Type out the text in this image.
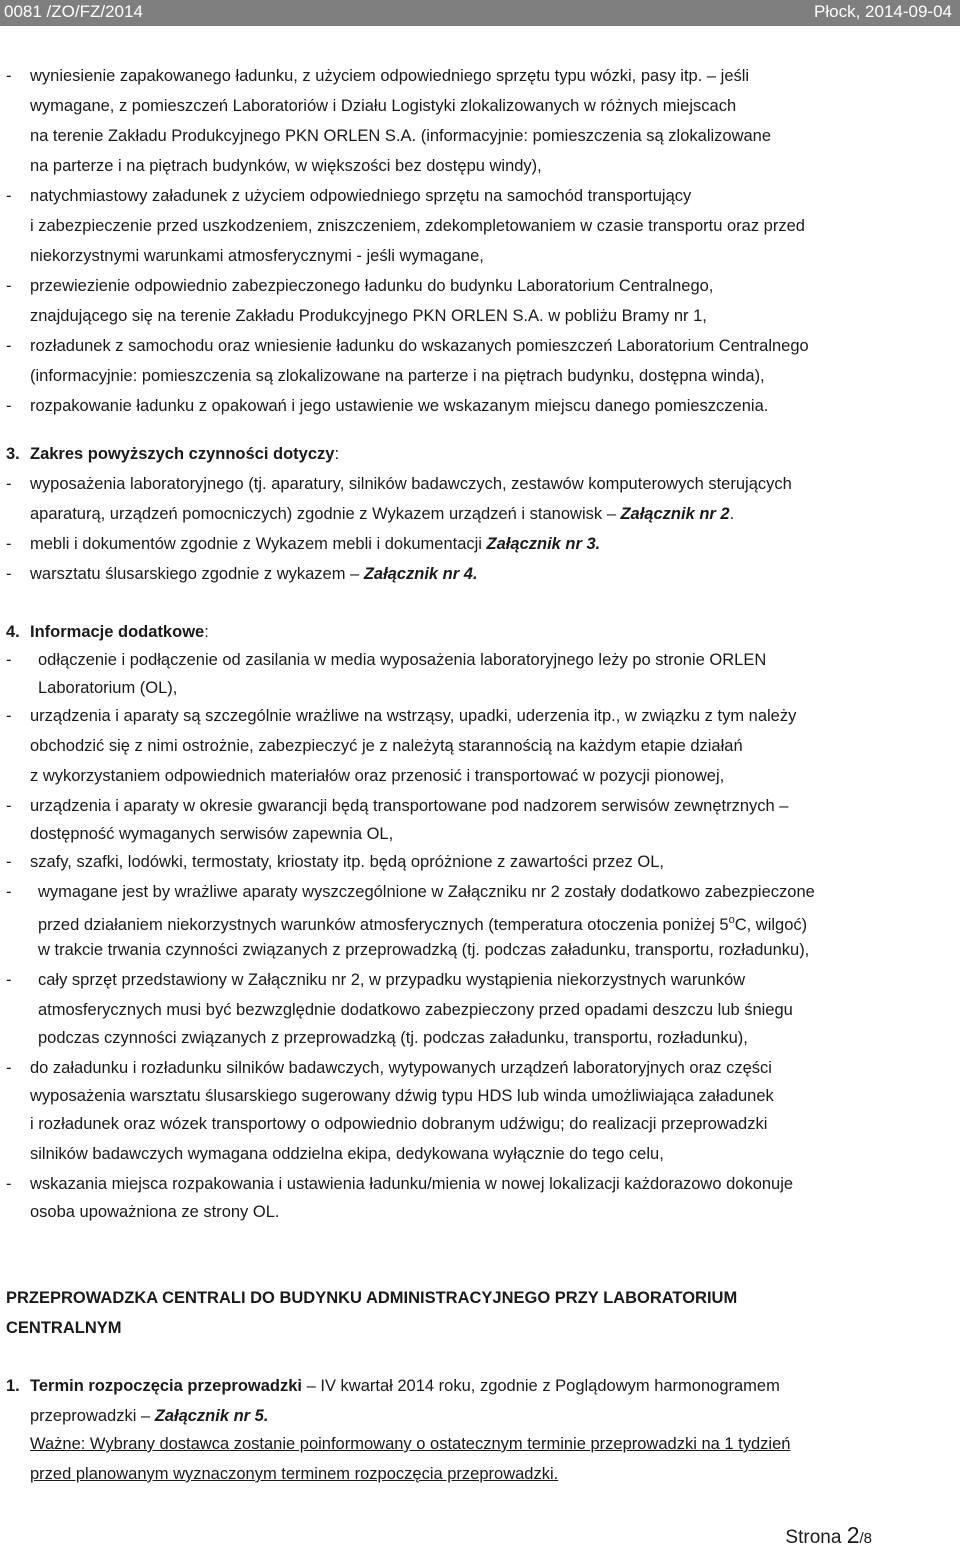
0081 /ZO/FZ/2014	Płock, 2014-09-04
- wyniesienie zapakowanego ładunku, z użyciem odpowiedniego sprzętu typu wózki, pasy itp. – jeśli
wymagane, z pomieszczeń Laboratoriów i Działu Logistyki zlokalizowanych w różnych miejscach
na terenie Zakładu Produkcyjnego PKN ORLEN S.A. (informacyjnie: pomieszczenia są zlokalizowane
na parterze i na piętrach budynków, w większości bez dostępu windy),
- natychmiastowy załadunek z użyciem odpowiedniego sprzętu na samochód transportujący
i zabezpieczenie przed uszkodzeniem, zniszczeniem, zdekompletowaniem w czasie transportu oraz przed
niekorzystnymi warunkami atmosferycznymi - jeśli wymagane,
- przewiezienie odpowiednio zabezpieczonego ładunku do budynku Laboratorium Centralnego,
znajdującego się na terenie Zakładu Produkcyjnego PKN ORLEN S.A. w pobliżu Bramy nr 1,
- rozładunek z samochodu oraz wniesienie ładunku do wskazanych pomieszczeń Laboratorium Centralnego
(informacyjnie: pomieszczenia są zlokalizowane na parterze i na piętrach budynku, dostępna winda),
- rozpakowanie ładunku z opakowań i jego ustawienie we wskazanym miejscu danego pomieszczenia.
3. Zakres powyższych czynności dotyczy:
- wyposażenia laboratoryjnego (tj. aparatury, silników badawczych, zestawów komputerowych sterujących
aparaturą, urządzeń pomocniczych) zgodnie z Wykazem urządzeń i stanowisk – Załącznik nr 2.
- mebli i dokumentów zgodnie z Wykazem mebli i dokumentacji Załącznik nr 3.
- warsztatu ślusarskiego zgodnie z wykazem – Załącznik nr 4.
4. Informacje dodatkowe:
- odłączenie i podłączenie od zasilania w media wyposażenia laboratoryjnego leży po stronie ORLEN
Laboratorium (OL),
- urządzenia i aparaty są szczególnie wrażliwe na wstrząsy, upadki, uderzenia itp., w związku z tym należy
obchodzić się z nimi ostrożnie, zabezpieczyć je z należytą starannością na każdym etapie działań
z wykorzystaniem odpowiednich materiałów oraz przenosić i transportować w pozycji pionowej,
- urządzenia i aparaty w okresie gwarancji będą transportowane pod nadzorem serwisów zewnętrznych –
dostępność wymaganych serwisów zapewnia OL,
- szafy, szafki, lodówki, termostaty, kriostaty itp. będą opróżnione z zawartości przez OL,
- wymagane jest by wrażliwe aparaty wyszczególnione w Załączniku nr 2 zostały dodatkowo zabezpieczone
przed działaniem niekorzystnych warunków atmosferycznych (temperatura otoczenia poniżej 5$^o$C, wilgoć)
w trakcie trwania czynności związanych z przeprowadzką (tj. podczas załadunku, transportu, rozładunku),
- cały sprzęt przedstawiony w Załączniku nr 2, w przypadku wystąpienia niekorzystnych warunków
atmosferycznych musi być bezwzględnie dodatkowo zabezpieczony przed opadami deszczu lub śniegu
podczas czynności związanych z przeprowadzką (tj. podczas załadunku, transportu, rozładunku),
- do załadunku i rozładunku silników badawczych, wytypowanych urządzeń laboratoryjnych oraz części
wyposażenia warsztatu ślusarskiego sugerowany dźwig typu HDS lub winda umożliwiająca załadunek
i rozładunek oraz wózek transportowy o odpowiednio dobranym udźwigu; do realizacji przeprowadzki
silników badawczych wymagana oddzielna ekipa, dedykowana wyłącznie do tego celu,
- wskazania miejsca rozpakowania i ustawienia ładunku/mienia w nowej lokalizacji każdorazowo dokonuje
osoba upoważniona ze strony OL.
PRZEPROWADZKA CENTRALI DO BUDYNKU ADMINISTRACYJNEGO PRZY LABORATORIUM
CENTRALNYM
1. Termin rozpoczęcia przeprowadzki – IV kwartał 2014 roku, zgodnie z Poglądowym harmonogramem
przeprowadzki – Załącznik nr 5.
Ważne: Wybrany dostawca zostanie poinformowany o ostatecznym terminie przeprowadzki na 1 tydzień
przed planowanym wyznaczonym terminem rozpoczęcia przeprowadzki.
Strona 2/8
